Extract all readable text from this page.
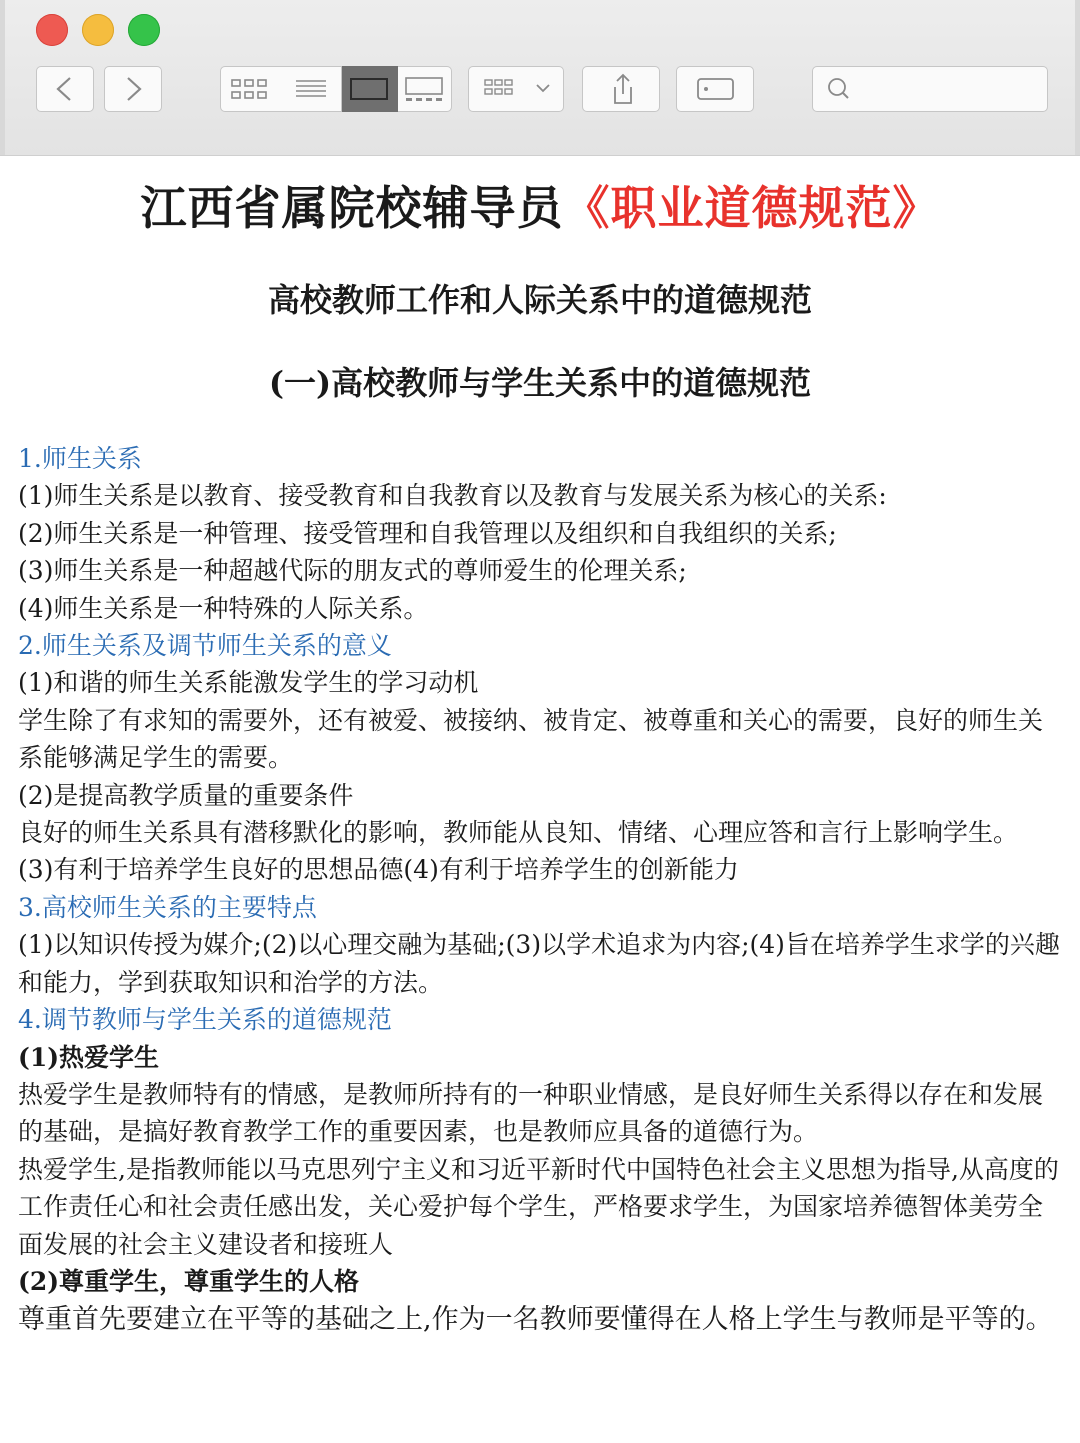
江西省属院校辅导员《职业道德规范》
高校教师工作和人际关系中的道德规范
(一)高校教师与学生关系中的道德规范

1.师生关系

(1)师生关系是以教育、接受教育和自我教育以及教育与发展关系为核心的关系:

(2)师生关系是一种管理、接受管理和自我管理以及组织和自我组织的关系;

(3)师生关系是一种超越代际的朋友式的尊师爱生的伦理关系;

(4)师生关系是一种特殊的人际关系。

2.师生关系及调节师生关系的意义

(1)和谐的师生关系能激发学生的学习动机

学生除了有求知的需要外，还有被爱、被接纳、被肯定、被尊重和关心的需要，良好的师生关系能够满足学生的需要。

(2)是提高教学质量的重要条件

良好的师生关系具有潜移默化的影响，教师能从良知、情绪、心理应答和言行上影响学生。

(3)有利于培养学生良好的思想品德(4)有利于培养学生的创新能力

3.高校师生关系的主要特点

(1)以知识传授为媒介;(2)以心理交融为基础;(3)以学术追求为内容;(4)旨在培养学生求学的兴趣和能力，学到获取知识和治学的方法。

4.调节教师与学生关系的道德规范

(1)热爱学生

热爱学生是教师特有的情感，是教师所持有的一种职业情感，是良好师生关系得以存在和发展的基础，是搞好教育教学工作的重要因素，也是教师应具备的道德行为。

热爱学生,是指教师能以马克思列宁主义和习近平新时代中国特色社会主义思想为指导,从高度的工作责任心和社会责任感出发，关心爱护每个学生，严格要求学生，为国家培养德智体美劳全面发展的社会主义建设者和接班人

(2)尊重学生，尊重学生的人格

尊重首先要建立在平等的基础之上,作为一名教师要懂得在人格上学生与教师是平等的。
